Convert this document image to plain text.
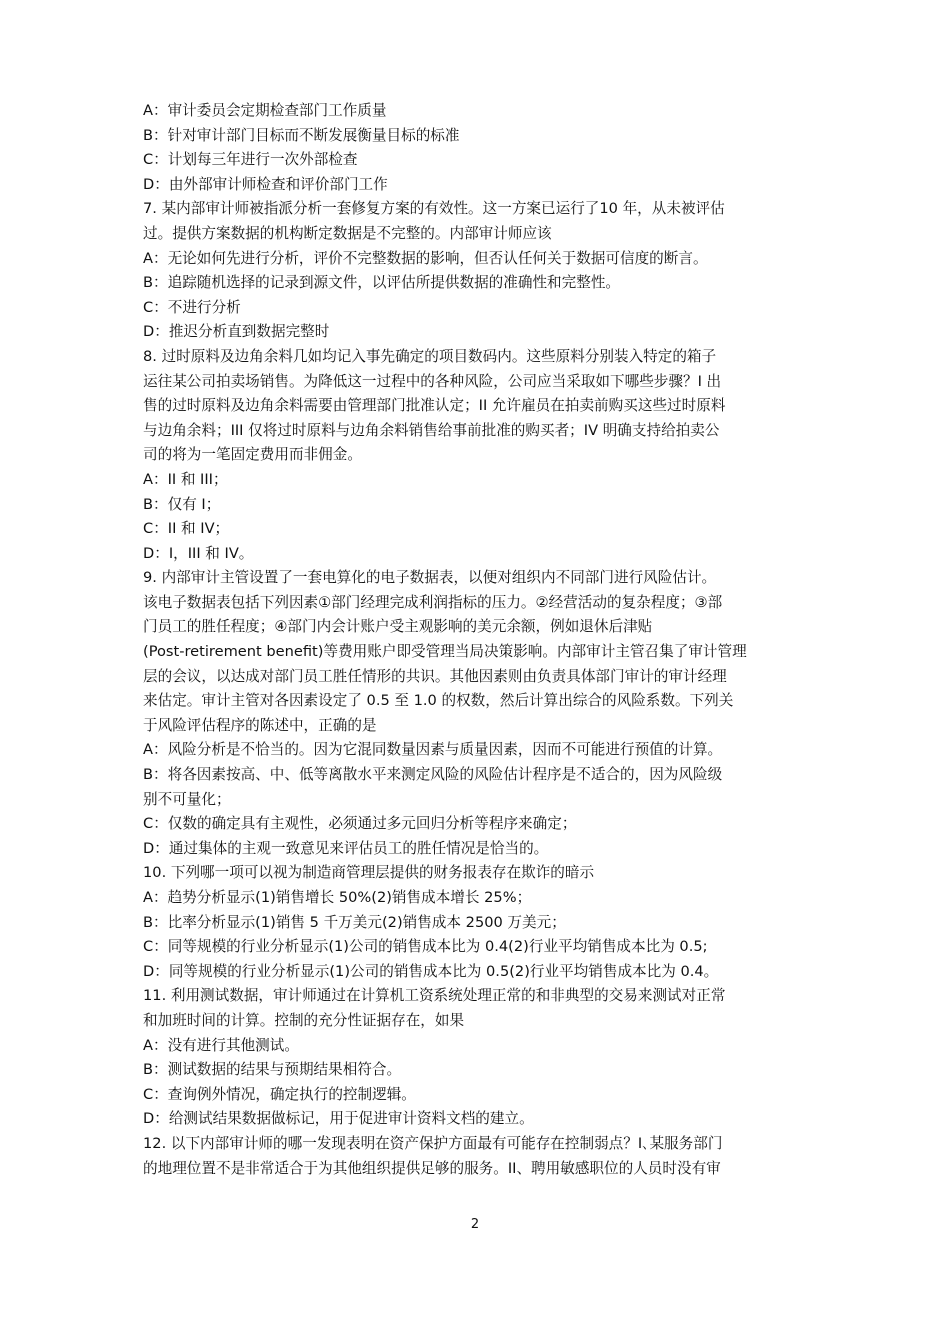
A：审计委员会定期检查部门工作质量

B：针对审计部门目标而不断发展衡量目标的标准

C：计划每三年进行一次外部检查

D：由外部审计师检查和评价部门工作

7. 某内部审计师被指派分析一套修复方案的有效性。这一方案已运行了10 年，从未被评估

过。提供方案数据的机构断定数据是不完整的。内部审计师应该

A：无论如何先进行分析，评价不完整数据的影响，但否认任何关于数据可信度的断言。

B：追踪随机选择的记录到源文件，以评估所提供数据的准确性和完整性。

C：不进行分析

D：推迟分析直到数据完整时

8. 过时原料及边角余料几如均记入事先确定的项目数码内。这些原料分别装入特定的箱子

运往某公司拍卖场销售。为降低这一过程中的各种风险，公司应当采取如下哪些步骤？I 出

售的过时原料及边角余料需要由管理部门批准认定；II 允许雇员在拍卖前购买这些过时原料

与边角余料；III 仅将过时原料与边角余料销售给事前批准的购买者；IV 明确支持给拍卖公

司的将为一笔固定费用而非佣金。

A：II 和 III；

B：仅有 I；

C：II 和 IV；

D：I，III 和 IV。

9. 内部审计主管设置了一套电算化的电子数据表，以便对组织内不同部门进行风险估计。

该电子数据表包括下列因素①部门经理完成利润指标的压力。②经营活动的复杂程度；③部

门员工的胜任程度；④部门内会计账户受主观影响的美元余额，例如退休后津贴

(Post-retirement benefit)等费用账户即受管理当局决策影响。内部审计主管召集了审计管理

层的会议，以达成对部门员工胜任情形的共识。其他因素则由负责具体部门审计的审计经理

来估定。审计主管对各因素设定了 0.5 至 1.0 的权数，然后计算出综合的风险系数。下列关

于风险评估程序的陈述中，正确的是

A：风险分析是不恰当的。因为它混同数量因素与质量因素，因而不可能进行预值的计算。

B：将各因素按高、中、低等离散水平来测定风险的风险估计程序是不适合的，因为风险级

别不可量化；

C：仅数的确定具有主观性，必须通过多元回归分析等程序来确定；

D：通过集体的主观一致意见来评估员工的胜任情况是恰当的。

10. 下列哪一项可以视为制造商管理层提供的财务报表存在欺诈的暗示

A：趋势分析显示(1)销售增长 50%(2)销售成本增长 25%；

B：比率分析显示(1)销售 5 千万美元(2)销售成本 2500 万美元；

C：同等规模的行业分析显示(1)公司的销售成本比为 0.4(2)行业平均销售成本比为 0.5;

D：同等规模的行业分析显示(1)公司的销售成本比为 0.5(2)行业平均销售成本比为 0.4。

11. 利用测试数据，审计师通过在计算机工资系统处理正常的和非典型的交易来测试对正常

和加班时间的计算。控制的充分性证据存在，如果

A：没有进行其他测试。

B：测试数据的结果与预期结果相符合。

C：查询例外情况，确定执行的控制逻辑。

D：给测试结果数据做标记，用于促进审计资料文档的建立。

12. 以下内部审计师的哪一发现表明在资产保护方面最有可能存在控制弱点？I､某服务部门

的地理位置不是非常适合于为其他组织提供足够的服务。II、聘用敏感职位的人员时没有审

2
